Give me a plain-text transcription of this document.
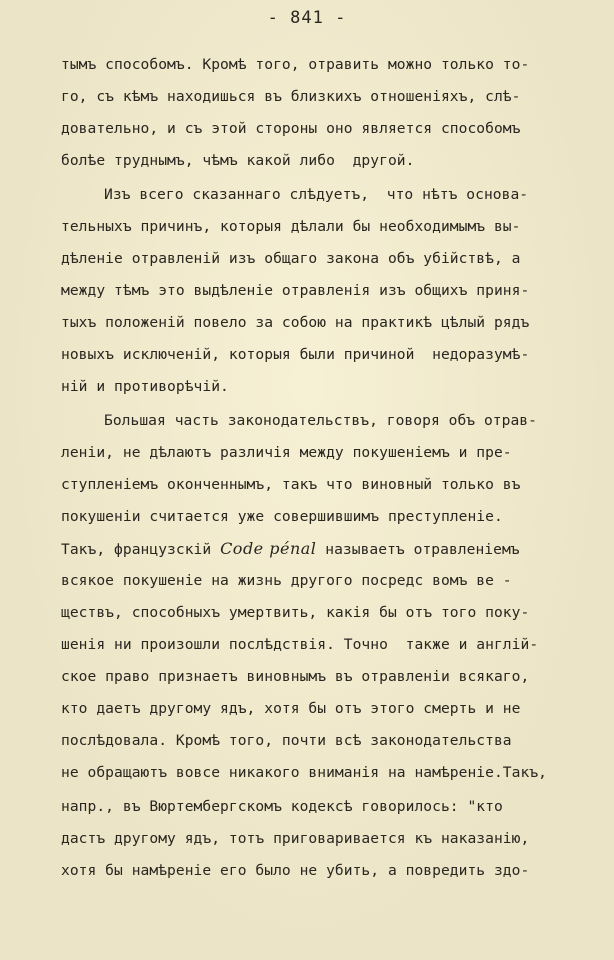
- 841 -
тымъ способомъ. Кромѣ того, отравить можно только то-
го, съ кѣмъ находишься въ близкихъ отношеніяхъ, слѣ-
довательно, и съ этой стороны оно является способомъ
болѣе труднымъ, чѣмъ какой либо  другой.
Изъ всего сказаннаго слѣдуетъ,  что нѣтъ основа-
тельныхъ причинъ, которыя дѣлали бы необходимымъ вы-
дѣленіе отравленій изъ общаго закона объ убійствѣ, а
между тѣмъ это выдѣленіе отравленія изъ общихъ приня-
тыхъ положеній повело за собою на практикѣ цѣлый рядъ
новыхъ исключеній, которыя были причиной  недоразумѣ-
ній и противорѣчій.
Большая часть законодательствъ, говоря объ отрав-
леніи, не дѣлаютъ различія между покушеніемъ и пре-
ступленіемъ оконченнымъ, такъ что виновный только въ
покушеніи считается уже совершившимъ преступленіе.
Такъ, французскій Code pénal называетъ отравленіемъ
всякое покушеніе на жизнь другого посредс вомъ ве -
ществъ, способныхъ умертвить, какія бы отъ того поку-
шенія ни произошли послѣдствія. Точно  также и англій-
ское право признаетъ виновнымъ въ отравленіи всякаго,
кто даетъ другому ядъ, хотя бы отъ этого смерть и не
послѣдовала. Кромѣ того, почти всѣ законодательства
не обращаютъ вовсе никакого вниманія на намѣреніе.Такъ,
напр., въ Вюртембергскомъ кодексѣ говорилось: "кто
дастъ другому ядъ, тотъ приговаривается къ наказанію,
хотя бы намѣреніе его было не убить, а повредить здо-
